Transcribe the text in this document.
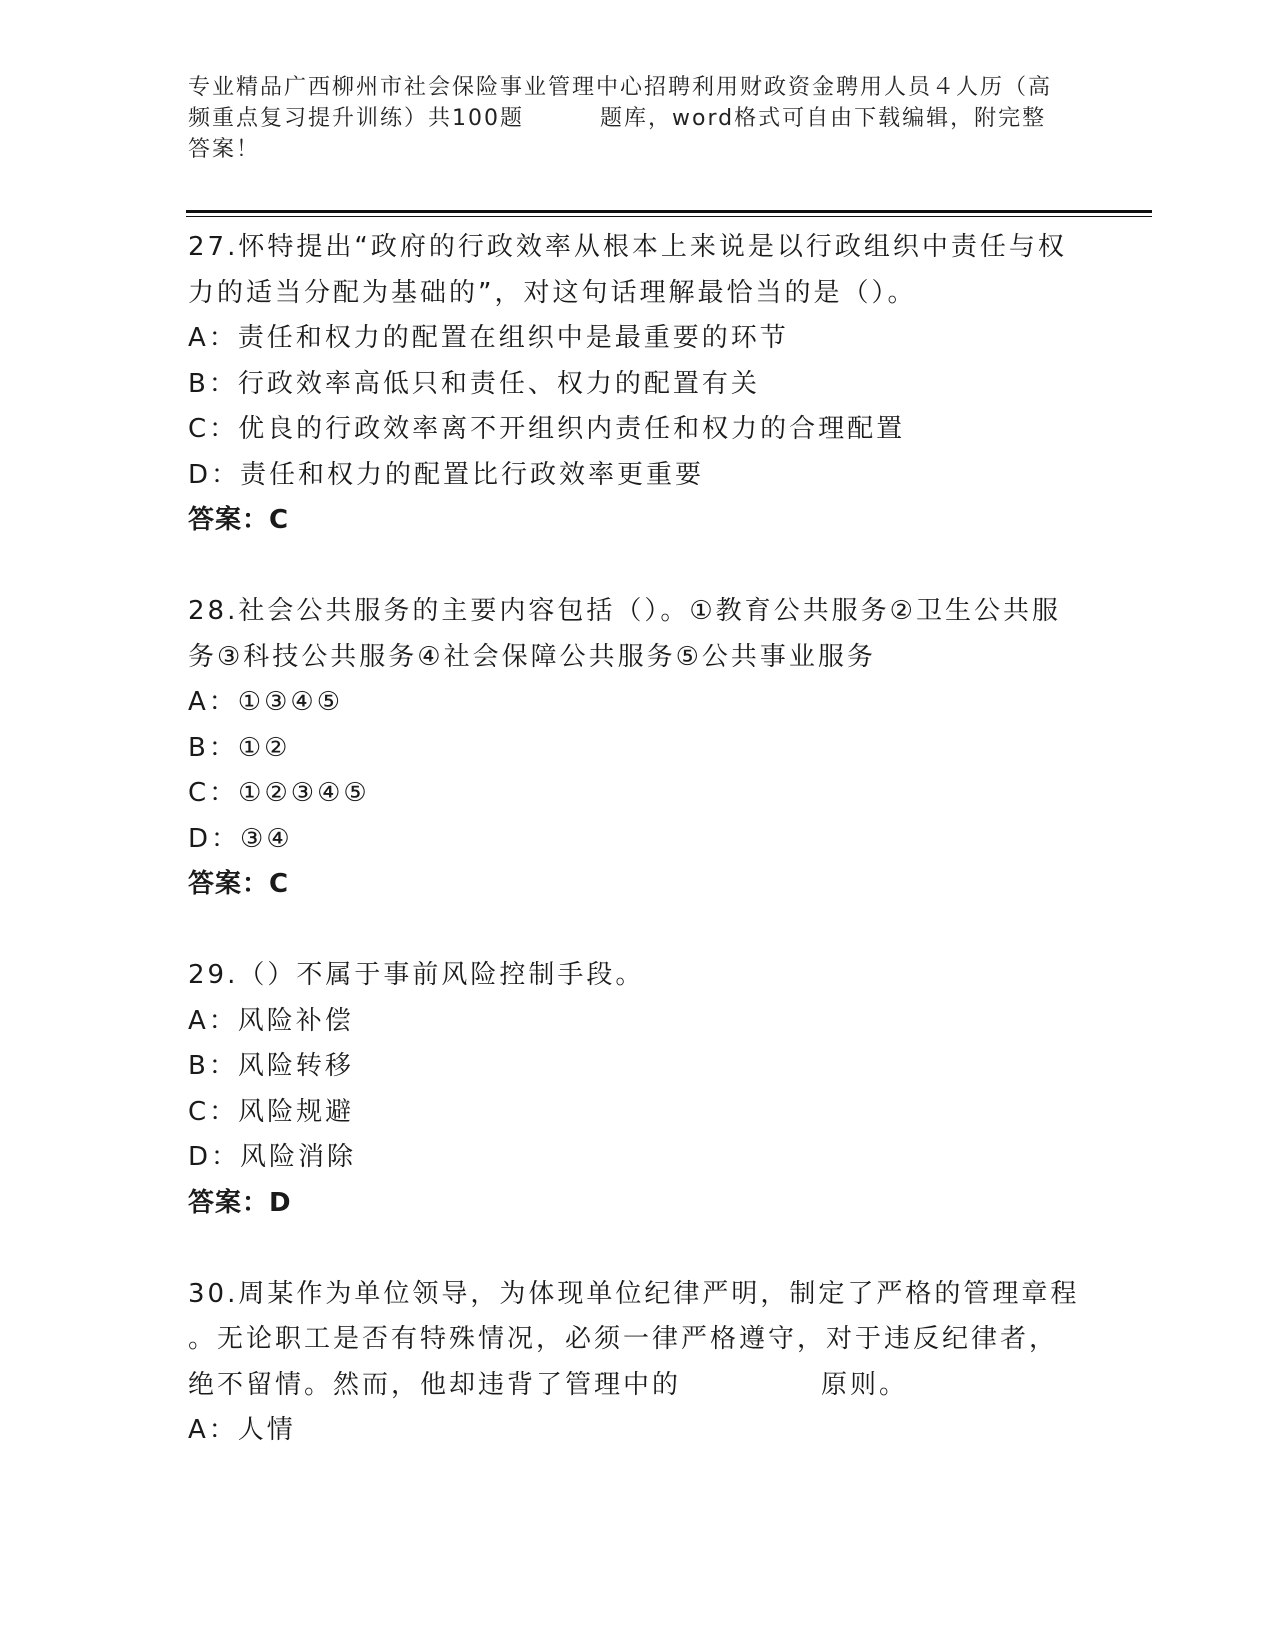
专业精品广西柳州市社会保险事业管理中心招聘利用财政资金聘用人员４人历（高
频重点复习提升训练）共100题	题库，word格式可自由下载编辑，附完整
答案！

27.怀特提出“政府的行政效率从根本上来说是以行政组织中责任与权

力的适当分配为基础的”，对这句话理解最恰当的是（）。

A：责任和权力的配置在组织中是最重要的环节

B：行政效率高低只和责任、权力的配置有关

C：优良的行政效率离不开组织内责任和权力的合理配置

D：责任和权力的配置比行政效率更重要

答案：C

28.社会公共服务的主要内容包括（）。①教育公共服务②卫生公共服

务③科技公共服务④社会保障公共服务⑤公共事业服务

A：①③④⑤

B：①②

C：①②③④⑤

D：③④

答案：C

29.（）不属于事前风险控制手段。

A：风险补偿

B：风险转移

C：风险规避

D：风险消除

答案：D

30.周某作为单位领导，为体现单位纪律严明，制定了严格的管理章程

。无论职工是否有特殊情况，必须一律严格遵守，对于违反纪律者，

绝不留情。然而，他却违背了管理中的	原则。

A：人情
